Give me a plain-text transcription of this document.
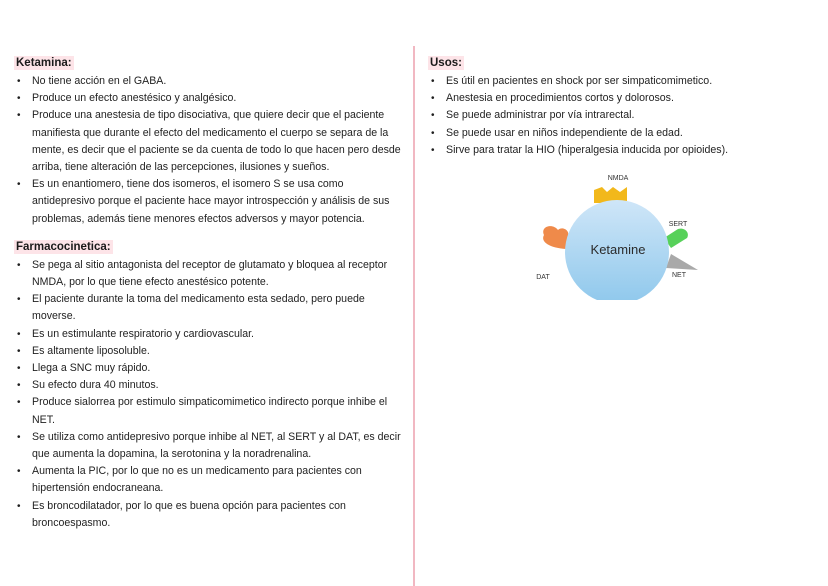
Ketamina:
• No tiene acción en el GABA.
• Produce un efecto anestésico y analgésico.
• Produce una anestesia de tipo disociativa, que quiere decir que el paciente manifiesta que durante el efecto del medicamento el cuerpo se separa de la mente, es decir que el paciente se da cuenta de todo lo que hacen pero desde arriba, tiene alteración de las percepciones, ilusiones y sueños.
• Es un enantiomero, tiene dos isomeros, el isomero S se usa como antidepresivo porque el paciente hace mayor introspección y análisis de sus problemas, además tiene menores efectos adversos y mayor potencia.
Farmacocinetica:
• Se pega al sitio antagonista del receptor de glutamato y bloquea al receptor NMDA, por lo que tiene efecto anestésico potente.
• El paciente durante la toma del medicamento esta sedado, pero puede moverse.
• Es un estimulante respiratorio y cardiovascular.
• Es altamente liposoluble.
• Llega a SNC muy rápido.
• Su efecto dura 40 minutos.
• Produce sialorrea por estimulo simpaticomimetico indirecto porque inhibe el NET.
• Se utiliza como antidepresivo porque inhibe al NET, al SERT y al DAT, es decir que aumenta la dopamina, la serotonina y la noradrenalina.
• Aumenta la PIC, por lo que no es un medicamento para pacientes con hipertensión endocraneana.
• Es broncodilatador, por lo que es buena opción para pacientes con broncoespasmo.
Usos:
• Es útil en pacientes en shock por ser simpaticomimetico.
• Anestesia en procedimientos cortos y dolorosos.
• Se puede administrar por vía intrarectal.
• Se puede usar en niños independiente de la edad.
• Sirve para tratar la HIO (hiperalgesia inducida por opioides).
Ketamine
NMDA
SERT
DAT	NET
